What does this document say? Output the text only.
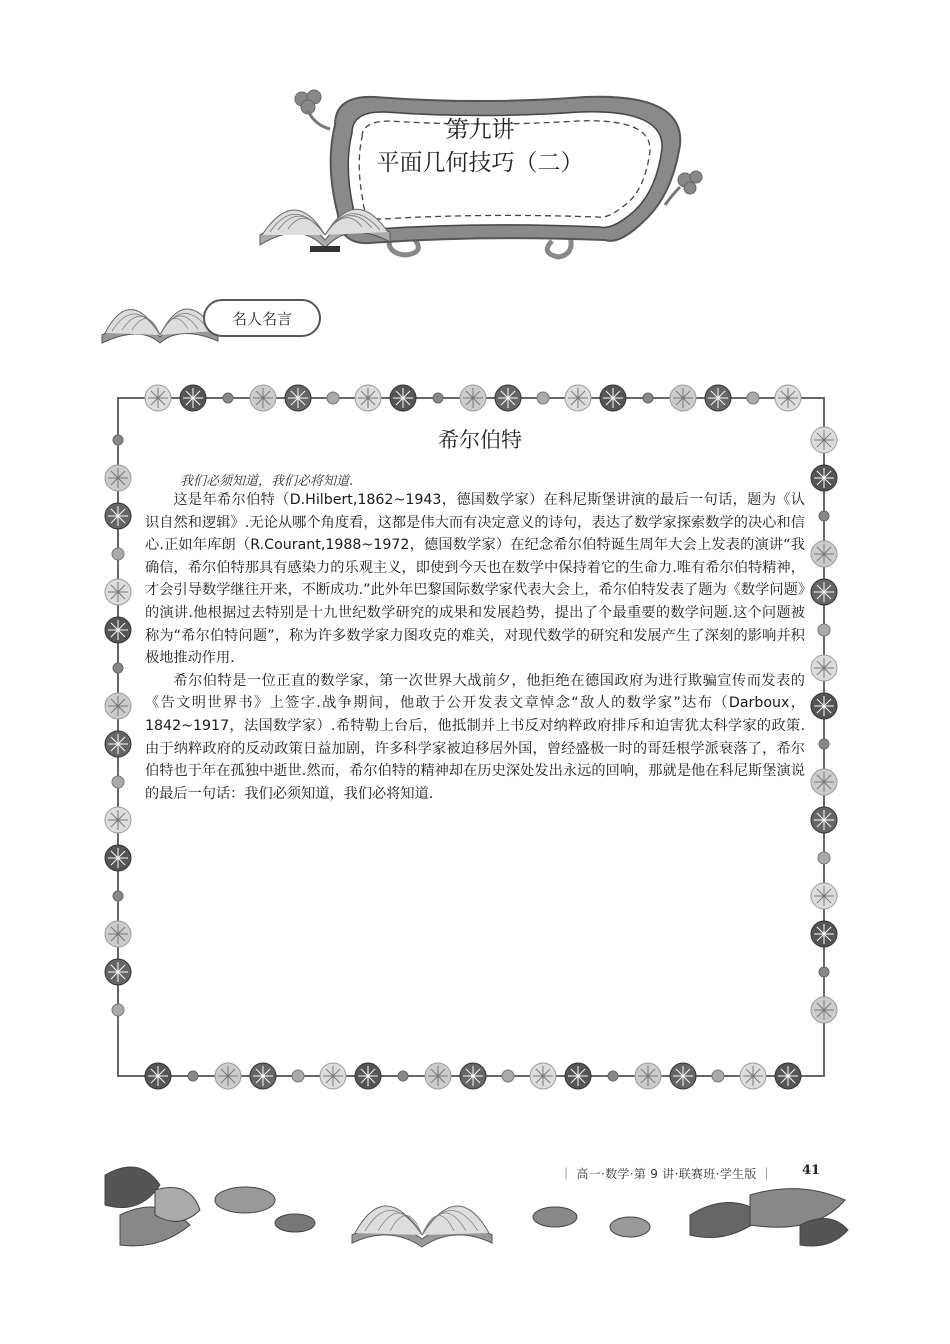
第九讲
平面几何技巧（二）
名人名言
希尔伯特
我们必须知道，我们必将知道.

这是年希尔伯特（D.Hilbert,1862~1943，德国数学家）在科尼斯堡讲演的最后一句话，题为《认识自然和逻辑》.无论从哪个角度看，这都是伟大而有决定意义的诗句，表达了数学家探索数学的决心和信心.正如年库朗（R.Courant,1988~1972，德国数学家）在纪念希尔伯特诞生周年大会上发表的演讲“我确信，希尔伯特那具有感染力的乐观主义，即使到今天也在数学中保持着它的生命力.唯有希尔伯特精神，才会引导数学继往开来，不断成功.”此外年巴黎国际数学家代表大会上，希尔伯特发表了题为《数学问题》的演讲.他根据过去特别是十九世纪数学研究的成果和发展趋势，提出了个最重要的数学问题.这个问题被称为“希尔伯特问题”，称为许多数学家力图攻克的难关，对现代数学的研究和发展产生了深刻的影响并积极地推动作用.

希尔伯特是一位正直的数学家，第一次世界大战前夕，他拒绝在德国政府为进行欺骗宣传而发表的《告文明世界书》上签字.战争期间，他敢于公开发表文章悼念“敌人的数学家”达布（Darboux，1842~1917，法国数学家）.希特勒上台后，他抵制并上书反对纳粹政府排斥和迫害犹太科学家的政策.由于纳粹政府的反动政策日益加剧，许多科学家被迫移居外国，曾经盛极一时的哥廷根学派衰落了，希尔伯特也于年在孤独中逝世.然而，希尔伯特的精神却在历史深处发出永远的回响，那就是他在科尼斯堡演说的最后一句话：我们必须知道，我们必将知道.

｜ 高一·数学·第 9 讲·联赛班·学生版 ｜ 41
